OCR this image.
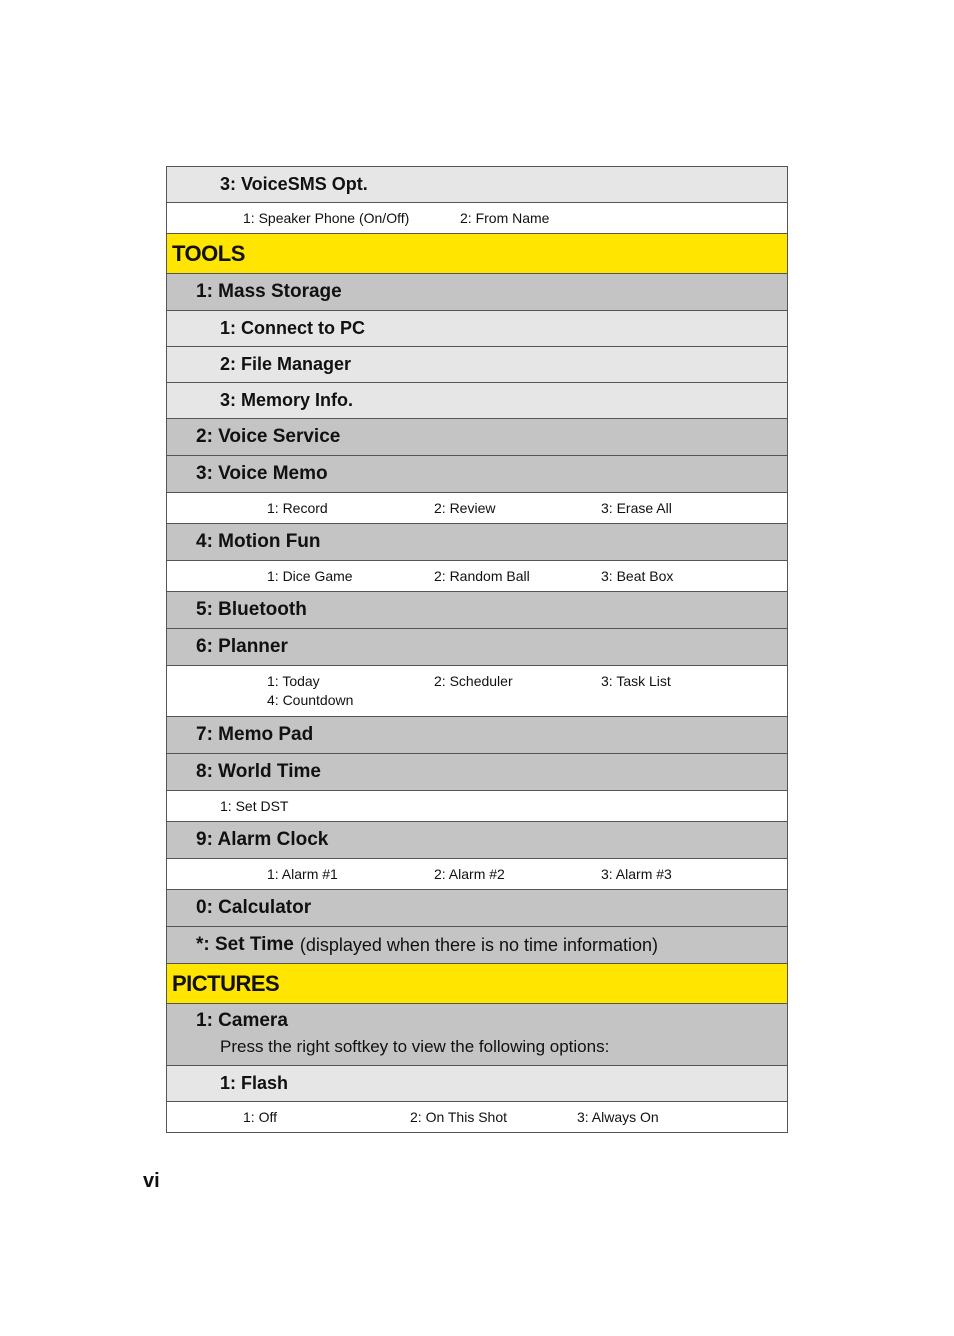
3: VoiceSMS Opt.
1: Speaker Phone (On/Off)	2: From Name
TOOLS
1: Mass Storage
1: Connect to PC
2: File Manager
3: Memory Info.
2: Voice Service
3: Voice Memo
1: Record	2: Review	3: Erase All
4: Motion Fun
1: Dice Game	2: Random Ball	3: Beat Box
5: Bluetooth
6: Planner
1: Today	2: Scheduler	3: Task List
4: Countdown
7: Memo Pad
8: World Time
1: Set DST
9: Alarm Clock
1: Alarm #1	2: Alarm #2	3: Alarm #3
0: Calculator
*: Set Time (displayed when there is no time information)
PICTURES
1: Camera
Press the right softkey to view the following options:
1: Flash
1: Off	2: On This Shot	3: Always On
vi
